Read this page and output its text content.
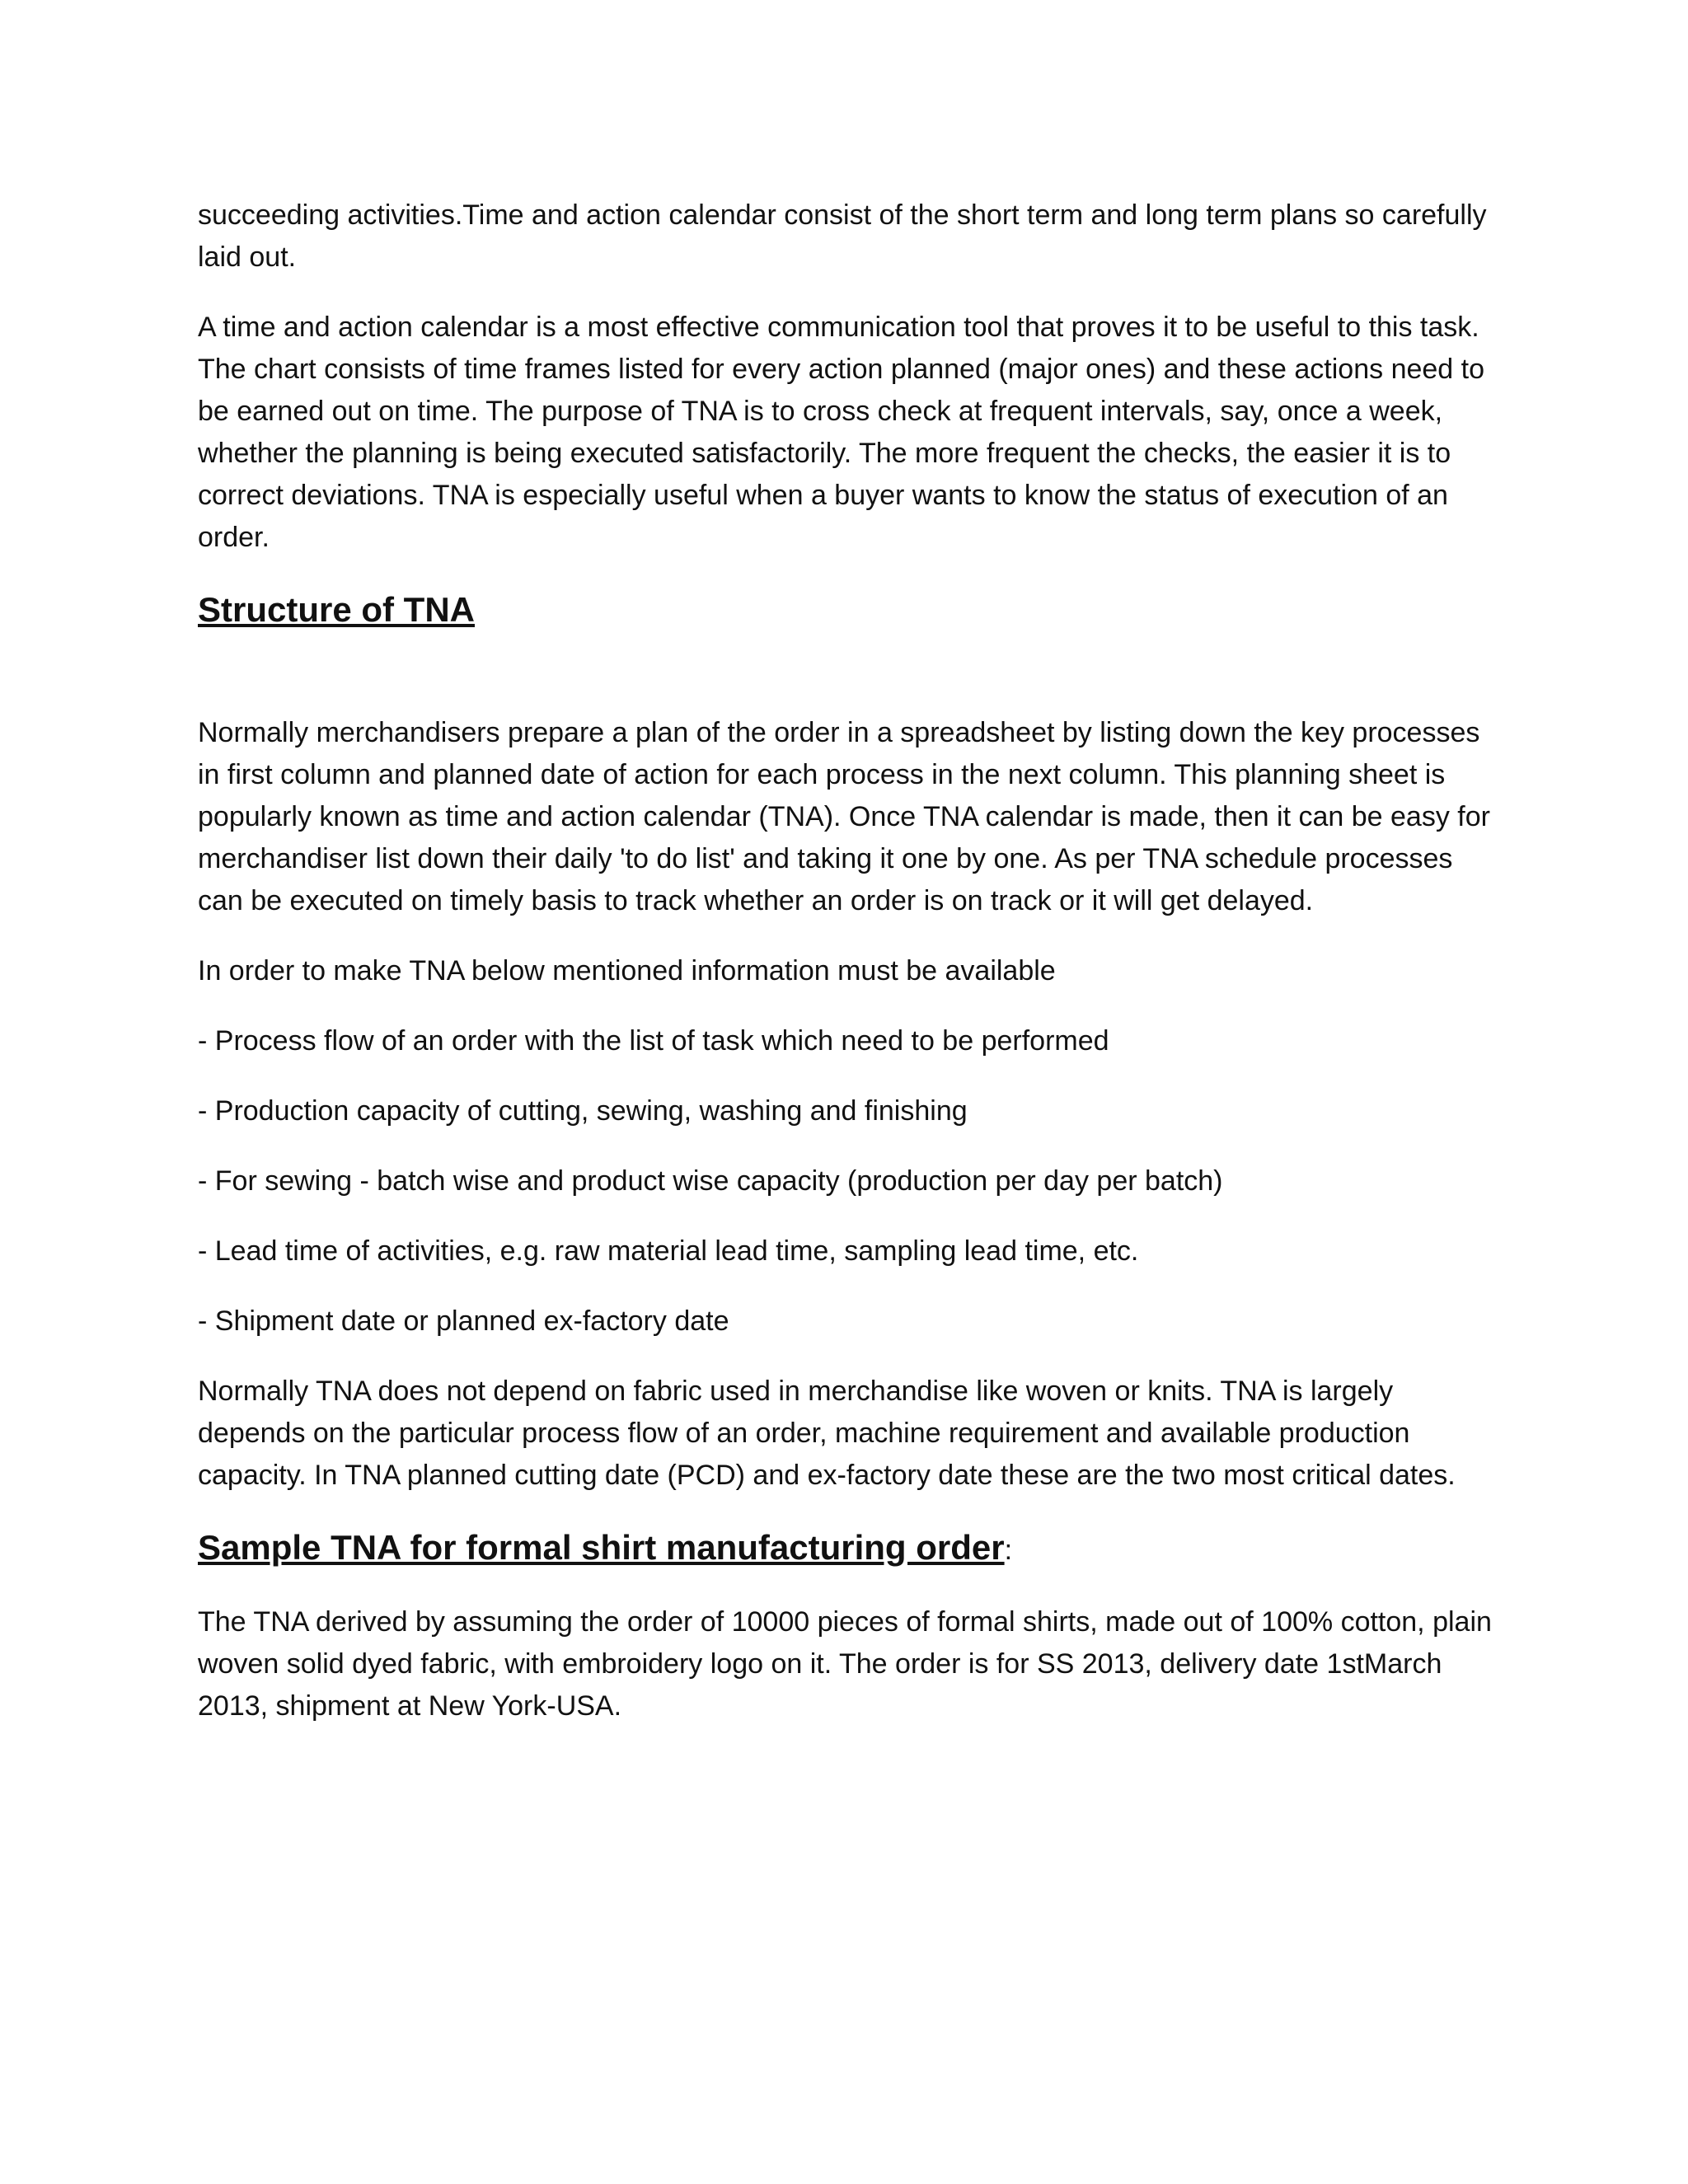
succeeding activities.Time and action calendar consist of the short term and long term plans so carefully laid out.

A time and action calendar is a most effective communication tool that proves it to be useful to this task. The chart consists of time frames listed for every action planned (major ones) and these actions need to be earned out on time. The purpose of TNA is to cross check at frequent intervals, say, once a week, whether the planning is being executed satisfactorily. The more frequent the checks, the easier it is to correct deviations. TNA is especially useful when a buyer wants to know the status of execution of an order.

Structure of TNA

Normally merchandisers prepare a plan of the order in a spreadsheet by listing down the key processes in first column and planned date of action for each process in the next column. This planning sheet is popularly known as time and action calendar (TNA). Once TNA calendar is made, then it can be easy for merchandiser list down their daily 'to do list' and taking it one by one. As per TNA schedule processes can be executed on timely basis to track whether an order is on track or it will get delayed.

In order to make TNA below mentioned information must be available

- Process flow of an order with the list of task which need to be performed
- Production capacity of cutting, sewing, washing and finishing
- For sewing - batch wise and product wise capacity (production per day per batch)
- Lead time of activities, e.g. raw material lead time, sampling lead time, etc.
- Shipment date or planned ex-factory date

Normally TNA does not depend on fabric used in merchandise like woven or knits. TNA is largely depends on the particular process flow of an order, machine requirement and available production capacity. In TNA planned cutting date (PCD) and ex-factory date these are the two most critical dates.

Sample TNA for formal shirt manufacturing order:

The TNA derived by assuming the order of 10000 pieces of formal shirts, made out of 100% cotton, plain woven solid dyed fabric, with embroidery logo on it. The order is for SS 2013, delivery date 1stMarch 2013, shipment at New York-USA.
